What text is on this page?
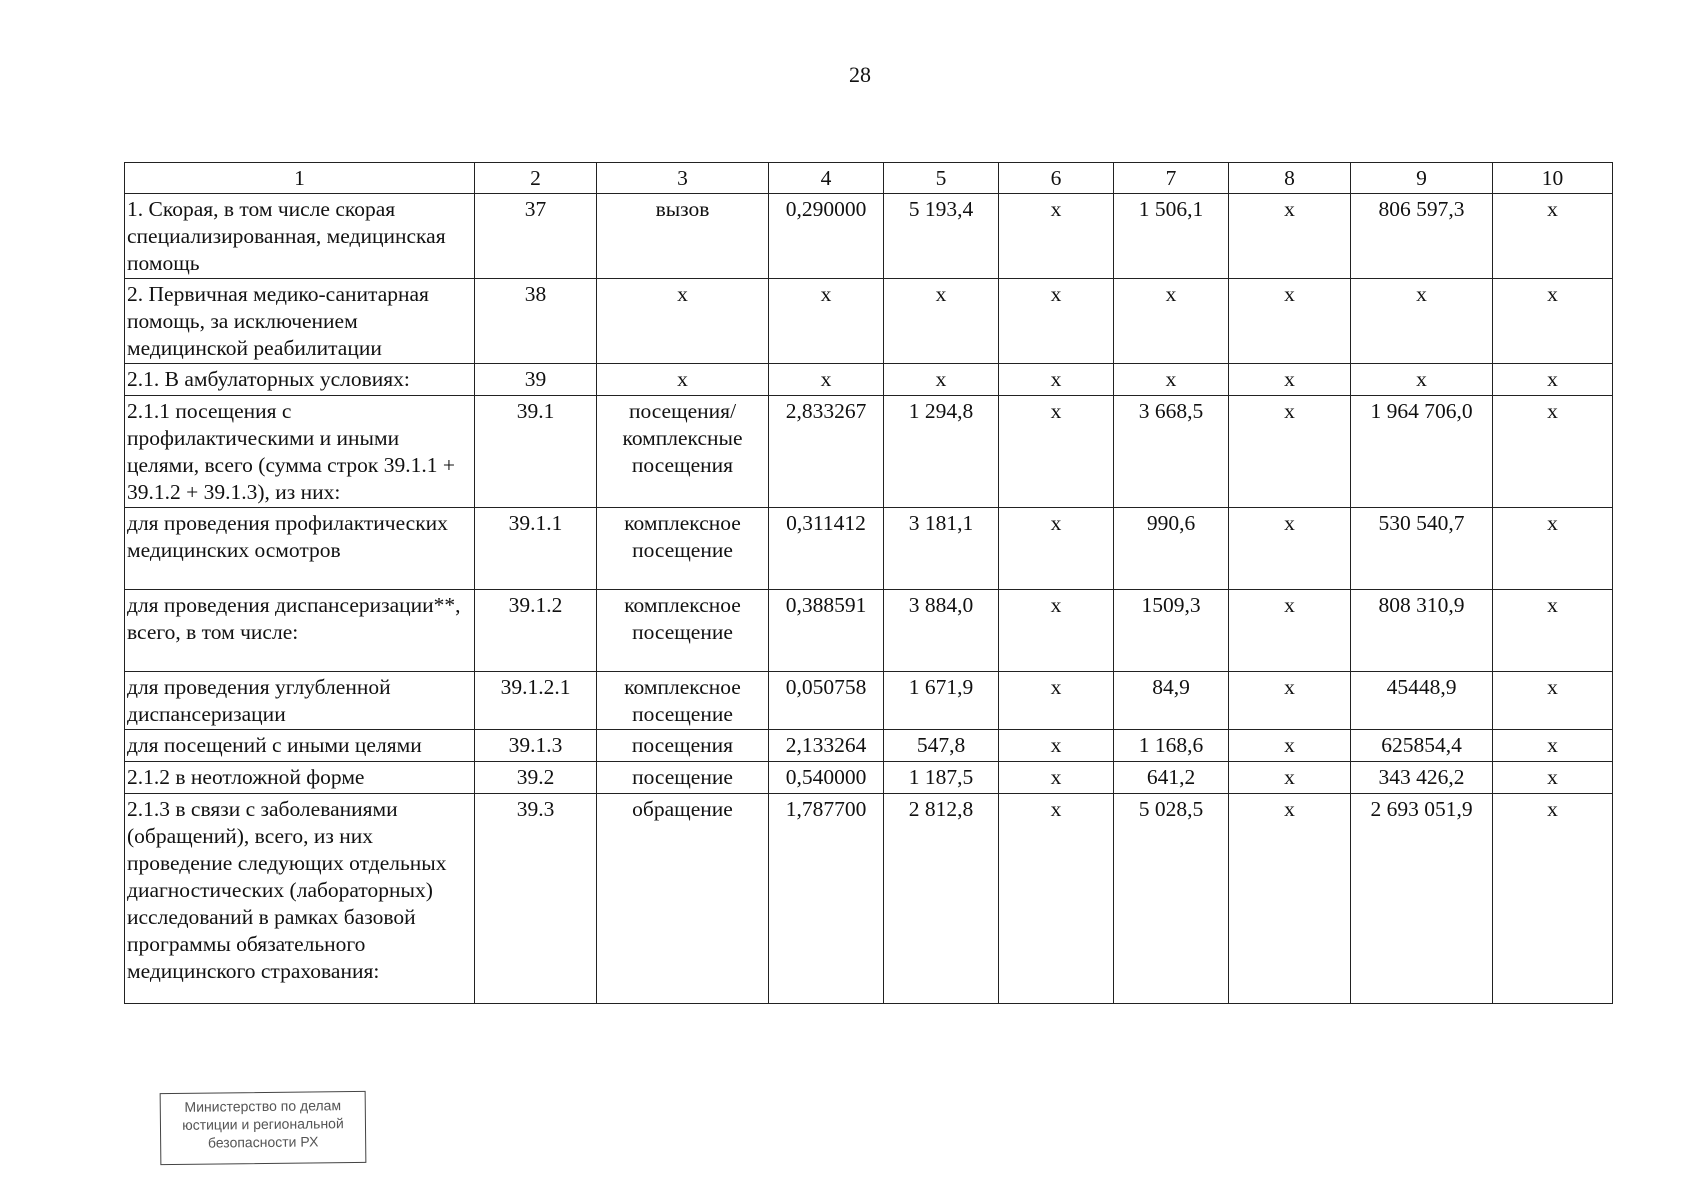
28
1	2	3	4	5	6	7	8	9	10
1. Скорая, в том числе скорая специализированная, медицинская помощь	37	вызов	0,290000	5 193,4	х	1 506,1	х	806 597,3	х
2. Первичная медико-санитарная помощь, за исключением медицинской реабилитации	38	х	х	х	х	х	х	х	х
2.1. В амбулаторных условиях:	39	х	х	х	х	х	х	х	х
2.1.1 посещения с профилактическими и иными целями, всего (сумма строк 39.1.1 + 39.1.2 + 39.1.3), из них:	39.1	посещения/ комплексные посещения	2,833267	1 294,8	х	3 668,5	х	1 964 706,0	х
для проведения профилактических медицинских осмотров	39.1.1	комплексное посещение	0,311412	3 181,1	х	990,6	х	530 540,7	х
для проведения диспансеризации**, всего, в том числе:	39.1.2	комплексное посещение	0,388591	3 884,0	х	1509,3	х	808 310,9	х
для проведения углубленной диспансеризации	39.1.2.1	комплексное посещение	0,050758	1 671,9	х	84,9	х	45448,9	х
для посещений с иными целями	39.1.3	посещения	2,133264	547,8	х	1 168,6	х	625854,4	х
2.1.2 в неотложной форме	39.2	посещение	0,540000	1 187,5	х	641,2	х	343 426,2	х
2.1.3 в связи с заболеваниями (обращений), всего, из них проведение следующих отдельных диагностических (лабораторных) исследований в рамках базовой программы обязательного медицинского страхования:	39.3	обращение	1,787700	2 812,8	х	5 028,5	х	2 693 051,9	х
Министерство по делам
юстиции и региональной
безопасности РХ
